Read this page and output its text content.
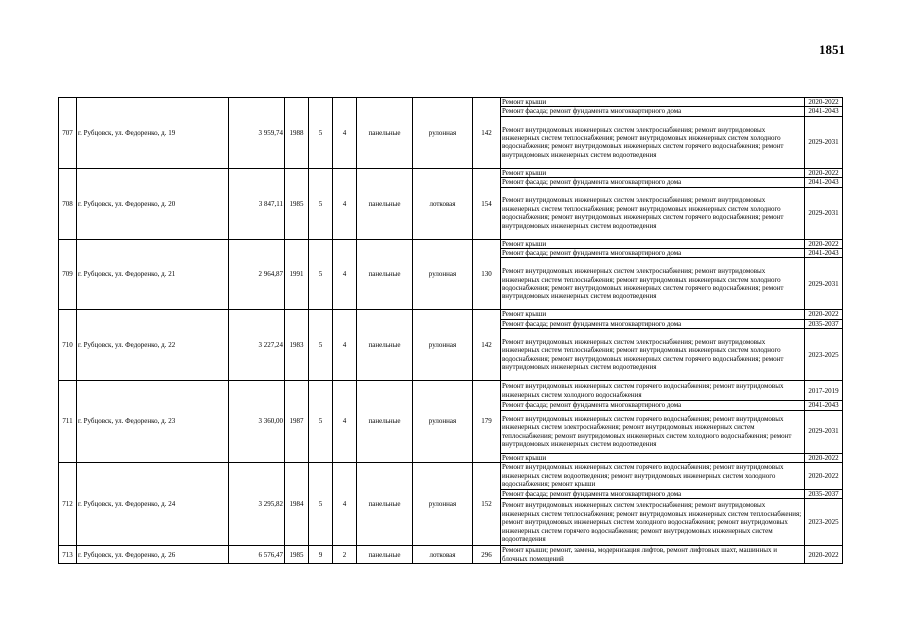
1851
707	г. Рубцовск, ул. Федоренко, д. 19	3 959,74	1988	5	4	панельные	рулонная	142	Ремонт крыши	2020-2022
									Ремонт фасада; ремонт фундамента многоквартирного дома	2041-2043
									Ремонт внутридомовых инженерных систем электроснабжения; ремонт внутридомовых инженерных систем теплоснабжения; ремонт внутридомовых инженерных систем холодного водоснабжения; ремонт внутридомовых инженерных систем горячего водоснабжения; ремонт внутридомовых инженерных систем водоотведения	2029-2031
708	г. Рубцовск, ул. Федоренко, д. 20	3 847,11	1985	5	4	панельные	лотковая	154	Ремонт крыши	2020-2022
									Ремонт фасада; ремонт фундамента многоквартирного дома	2041-2043
									Ремонт внутридомовых инженерных систем электроснабжения; ремонт внутридомовых инженерных систем теплоснабжения; ремонт внутридомовых инженерных систем холодного водоснабжения; ремонт внутридомовых инженерных систем горячего водоснабжения; ремонт внутридомовых инженерных систем водоотведения	2029-2031
709	г. Рубцовск, ул. Федоренко, д. 21	2 964,87	1991	5	4	панельные	рулонная	130	Ремонт крыши	2020-2022
									Ремонт фасада; ремонт фундамента многоквартирного дома	2041-2043
									Ремонт внутридомовых инженерных систем электроснабжения; ремонт внутридомовых инженерных систем теплоснабжения; ремонт внутридомовых инженерных систем холодного водоснабжения; ремонт внутридомовых инженерных систем горячего водоснабжения; ремонт внутридомовых инженерных систем водоотведения	2029-2031
710	г. Рубцовск, ул. Федоренко, д. 22	3 227,24	1983	5	4	панельные	рулонная	142	Ремонт крыши	2020-2022
									Ремонт фасада; ремонт фундамента многоквартирного дома	2035-2037
									Ремонт внутридомовых инженерных систем электроснабжения; ремонт внутридомовых инженерных систем теплоснабжения; ремонт внутридомовых инженерных систем холодного водоснабжения; ремонт внутридомовых инженерных систем горячего водоснабжения; ремонт внутридомовых инженерных систем водоотведения	2023-2025
711	г. Рубцовск, ул. Федоренко, д. 23	3 360,00	1987	5	4	панельные	рулонная	179	Ремонт внутридомовых инженерных систем горячего водоснабжения; ремонт внутридомовых инженерных систем холодного водоснабжения	2017-2019
									Ремонт фасада; ремонт фундамента многоквартирного дома	2041-2043
									Ремонт внутридомовых инженерных систем горячего водоснабжения; ремонт внутридомовых инженерных систем электроснабжения; ремонт внутридомовых инженерных систем теплоснабжения; ремонт внутридомовых инженерных систем холодного водоснабжения; ремонт внутридомовых инженерных систем водоотведения	2029-2031
									Ремонт крыши	2020-2022
712	г. Рубцовск, ул. Федоренко, д. 24	3 295,82	1984	5	4	панельные	рулонная	152	Ремонт внутридомовых инженерных систем горячего водоснабжения; ремонт внутридомовых инженерных систем водоотведения; ремонт внутридомовых инженерных систем холодного водоснабжения; ремонт крыши	2020-2022
									Ремонт фасада; ремонт фундамента многоквартирного дома	2035-2037
									Ремонт внутридомовых инженерных систем электроснабжения; ремонт внутридомовых инженерных систем теплоснабжения; ремонт внутридомовых инженерных систем теплоснабжения; ремонт внутридомовых инженерных систем холодного водоснабжения; ремонт внутридомовых инженерных систем горячего водоснабжения; ремонт внутридомовых инженерных систем водоотведения	2023-2025
713	г. Рубцовск, ул. Федоренко, д. 26	6 576,47	1985	9	2	панельные	лотковая	296	Ремонт крыши; ремонт, замена, модернизация лифтов, ремонт лифтовых шахт, машинных и блочных помещений	2020-2022
